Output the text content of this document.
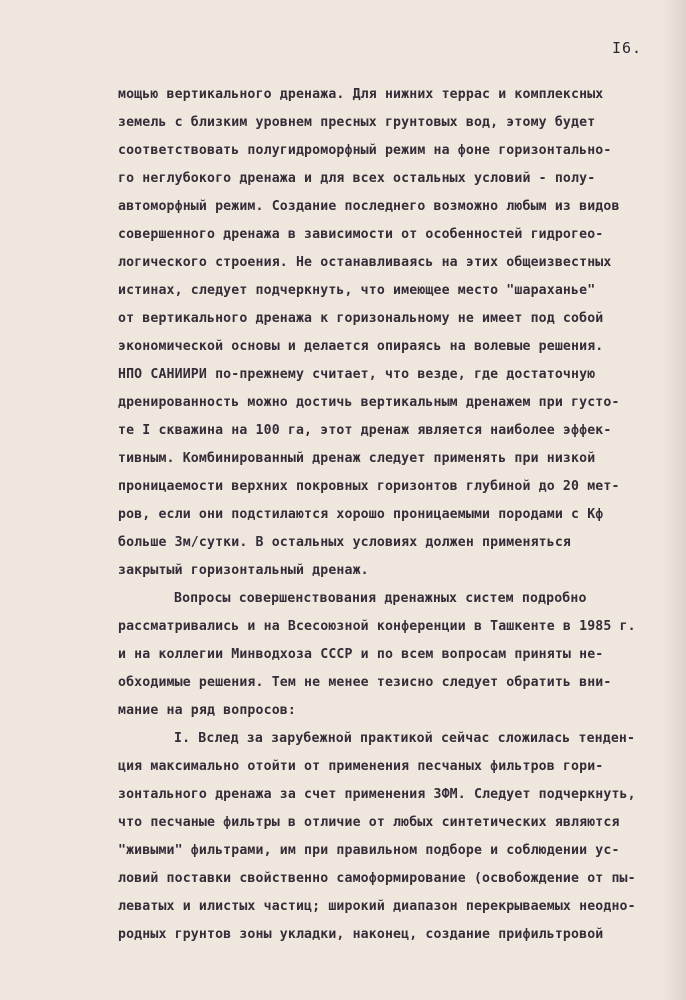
I6.
мощью вертикального дренажа. Для нижних террас и комплексных
земель с близким уровнем пресных грунтовых вод, этому будет
соответствовать полугидроморфный режим на фоне горизонтально-
го неглубокого дренажа и для всех остальных условий - полу-
автоморфный режим. Создание последнего возможно любым из видов
совершенного дренажа в зависимости от особенностей гидрогео-
логического строения. Не останавливаясь на этих общеизвестных
истинах, следует подчеркнуть, что имеющее место "шараханье"
от вертикального дренажа к горизональному не имеет под собой
экономической основы и делается опираясь на волевые решения.
НПО САНИИРИ по-прежнему считает, что везде, где достаточную
дренированность можно достичь вертикальным дренажем при густо-
те I скважина на 100 га, этот дренаж является наиболее эффек-
тивным. Комбинированный дренаж следует применять при низкой
проницаемости верхних покровных горизонтов глубиной до 20 мет-
ров, если они подстилаются хорошо проницаемыми породами с Кф
больше 3м/сутки. В остальных условиях должен применяться
закрытый горизонтальный дренаж.
Вопросы совершенствования дренажных систем подробно
рассматривались и на Всесоюзной конференции в Ташкенте в 1985 г.
и на коллегии Минводхоза СССР и по всем вопросам приняты не-
обходимые решения. Тем не менее тезисно следует обратить вни-
мание на ряд вопросов:
I. Вслед за зарубежной практикой сейчас сложилась тенден-
ция максимально отойти от применения песчаных фильтров гори-
зонтального дренажа за счет применения ЗФМ. Следует подчеркнуть,
что песчаные фильтры в отличие от любых синтетических являются
"живыми" фильтрами, им при правильном подборе и соблюдении ус-
ловий поставки свойственно самоформирование (освобождение от пы-
леватых и илистых частиц; широкий диапазон перекрываемых неодно-
родных грунтов зоны укладки, наконец, создание прифильтровой
